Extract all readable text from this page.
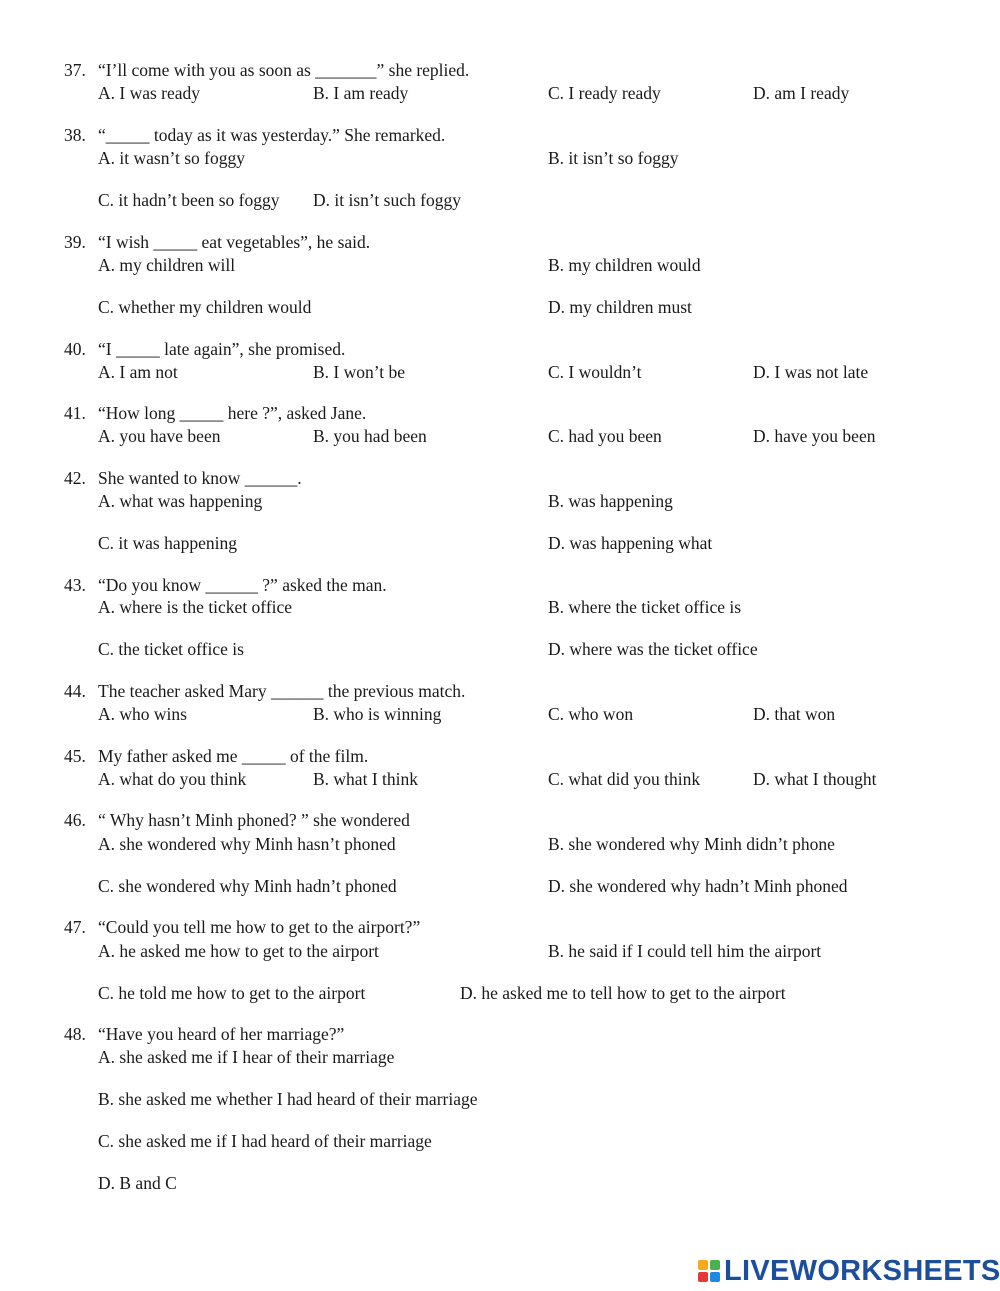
37. “I’ll come with you as soon as _______” she replied.
A. I was ready	B. I am ready	C. I ready ready	D. am I ready
38. “_____ today as it was yesterday.” She remarked.
A. it wasn’t so foggy	B. it isn’t so foggy
C. it hadn’t been so foggy D. it isn’t such foggy
39. “I wish _____ eat vegetables”, he said.
A. my children will	B. my children would
C. whether my children would	D. my children must
40. “I _____ late again”, she promised.
A. I am not	B. I won’t be	C. I wouldn’t	D. I was not late
41. “How long _____ here ?”, asked Jane.
A. you have been	B. you had been	C. had you been	D. have you been
42. She wanted to know ______.
A. what was happening	B. was happening
C. it was happening	D. was happening what
43. “Do you know ______ ?” asked the man.
A. where is the ticket office	B. where the ticket office is
C. the ticket office is	D. where was the ticket office
44. The teacher asked Mary ______ the previous match.
A. who wins	B. who is winning	C. who won	D. that won
45. My father asked me _____ of the film.
A. what do you think	B. what I think	C. what did you think	D. what I thought
46. “ Why hasn’t Minh phoned? ” she wondered
A. she wondered why Minh hasn’t phoned	B. she wondered why Minh didn’t phone
C. she wondered why Minh hadn’t phoned	D. she wondered why hadn’t Minh phoned
47. “Could you tell me how to get to the airport?”
A. he asked me how to get to the airport	B. he said if I could tell him the airport
C. he told me how to get to the airport	D. he asked me to tell how to get to the airport
48. “Have you heard of her marriage?”
A. she asked me if I hear of their marriage
B. she asked me whether I had heard of their marriage
C. she asked me if I had heard of their marriage
D. B and C
LIVEWORKSHEETS
